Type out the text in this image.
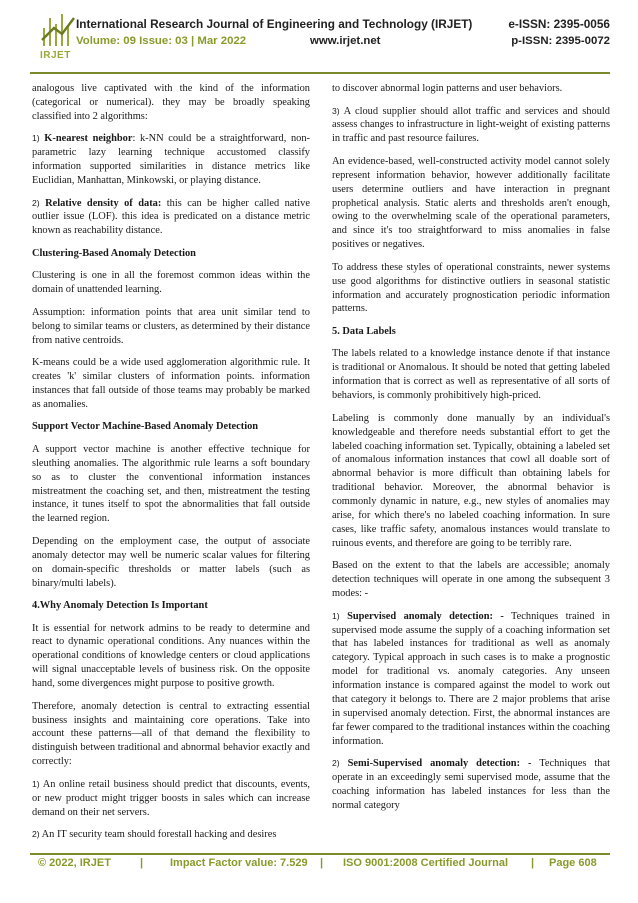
IRJET
International Research Journal of Engineering and Technology (IRJET)	e-ISSN: 2395-0056
Volume: 09 Issue: 03 | Mar 2022	www.irjet.net	p-ISSN: 2395-0072

analogous live captivated with the kind of the information (categorical or numerical). they may be broadly speaking classified into 2 algorithms:

1) K-nearest neighbor: k-NN could be a straightforward, non-parametric lazy learning technique accustomed classify information supported similarities in distance metrics like Euclidian, Manhattan, Minkowski, or playing distance.

2) Relative density of data: this can be higher called native outlier issue (LOF). this idea is predicated on a distance metric known as reachability distance.

Clustering-Based Anomaly Detection

Clustering is one in all the foremost common ideas within the domain of unattended learning.

Assumption: information points that area unit similar tend to belong to similar teams or clusters, as determined by their distance from native centroids.

K-means could be a wide used agglomeration algorithmic rule. It creates 'k' similar clusters of information points. information instances that fall outside of those teams may probably be marked as anomalies.

Support Vector Machine-Based Anomaly Detection

A support vector machine is another effective technique for sleuthing anomalies. The algorithmic rule learns a soft boundary so as to cluster the conventional information instances mistreatment the coaching set, and then, mistreatment the testing instance, it tunes itself to spot the abnormalities that fall outside the learned region.

Depending on the employment case, the output of associate anomaly detector may well be numeric scalar values for filtering on domain-specific thresholds or matter labels (such as binary/multi labels).

4.Why Anomaly Detection Is Important

It is essential for network admins to be ready to determine and react to dynamic operational conditions. Any nuances within the operational conditions of knowledge centers or cloud applications will signal unacceptable levels of business risk. On the opposite hand, some divergences might purpose to positive growth.

Therefore, anomaly detection is central to extracting essential business insights and maintaining core operations. Take into account these patterns—all of that demand the flexibility to distinguish between traditional and abnormal behavior exactly and correctly:

1) An online retail business should predict that discounts, events, or new product might trigger boosts in sales which can increase demand on their net servers.

2) An IT security team should forestall hacking and desires

to discover abnormal login patterns and user behaviors.

3) A cloud supplier should allot traffic and services and should assess changes to infrastructure in light-weight of existing patterns in traffic and past resource failures.

An evidence-based, well-constructed activity model cannot solely represent information behavior, however additionally facilitate users determine outliers and have interaction in pregnant prophetical analysis. Static alerts and thresholds aren't enough, owing to the overwhelming scale of the operational parameters, and since it's too straightforward to miss anomalies in false positives or negatives.

To address these styles of operational constraints, newer systems use good algorithms for distinctive outliers in seasonal statistic information and accurately prognostication periodic information patterns.

5. Data Labels

The labels related to a knowledge instance denote if that instance is traditional or Anomalous. It should be noted that getting labeled information that is correct as well as representative of all sorts of behaviors, is commonly prohibitively high-priced.

Labeling is commonly done manually by an individual's knowledgeable and therefore needs substantial effort to get the labeled coaching information set. Typically, obtaining a labeled set of anomalous information instances that cowl all doable sort of abnormal behavior is more difficult than obtaining labels for traditional behavior. Moreover, the abnormal behavior is commonly dynamic in nature, e.g., new styles of anomalies may arise, for which there's no labeled coaching information. In sure cases, like traffic safety, anomalous instances would translate to ruinous events, and therefore are going to be terribly rare.

Based on the extent to that the labels are accessible; anomaly detection techniques will operate in one among the subsequent 3 modes: -

1) Supervised anomaly detection: - Techniques trained in supervised mode assume the supply of a coaching information set that has labeled instances for traditional as well as anomaly category. Typical approach in such cases is to make a prognostic model for traditional vs. anomaly categories. Any unseen information instance is compared against the model to work out that category it belongs to. There are 2 major problems that arise in supervised anomaly detection. First, the abnormal instances are far fewer compared to the traditional instances within the coaching information.

2) Semi-Supervised anomaly detection: - Techniques that operate in an exceedingly semi supervised mode, assume that the coaching information has labeled instances for less than the normal category

© 2022, IRJET	| Impact Factor value: 7.529 | ISO 9001:2008 Certified Journal | Page 608
